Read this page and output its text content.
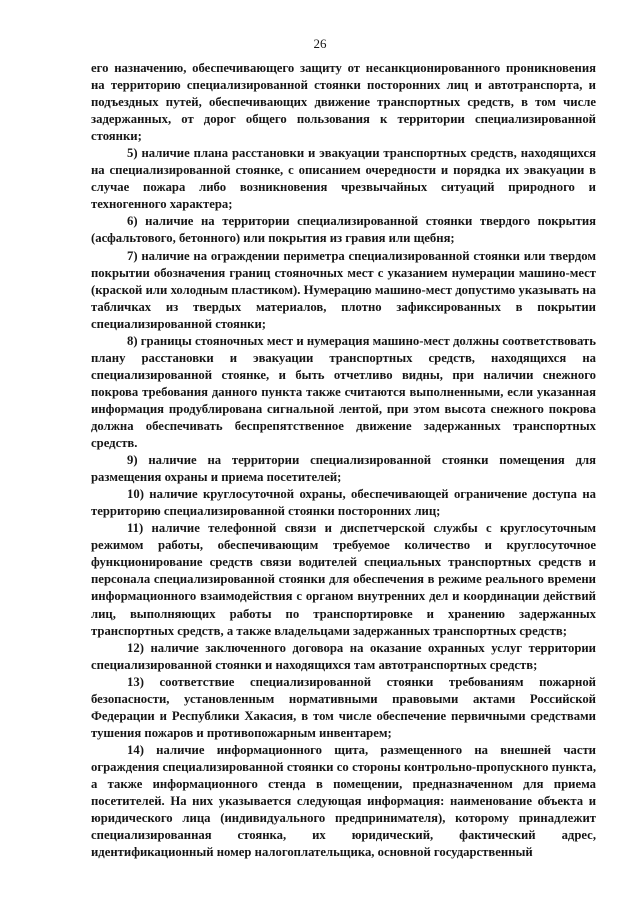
26

его назначению, обеспечивающего защиту от несанкционированного проникновения на территорию специализированной стоянки посторонних лиц и автотранспорта, и подъездных путей, обеспечивающих движение транспортных средств, в том числе задержанных, от дорог общего пользования к территории специализированной стоянки;

5) наличие плана расстановки и эвакуации транспортных средств, находящихся на специализированной стоянке, с описанием очередности и порядка их эвакуации в случае пожара либо возникновения чрезвычайных ситуаций природного и техногенного характера;

6) наличие на территории специализированной стоянки твердого покрытия (асфальтового, бетонного) или покрытия из гравия или щебня;

7) наличие на ограждении периметра специализированной стоянки или твердом покрытии обозначения границ стояночных мест с указанием нумерации машино-мест (краской или холодным пластиком). Нумерацию машино-мест допустимо указывать на табличках из твердых материалов, плотно зафиксированных в покрытии специализированной стоянки;

8) границы стояночных мест и нумерация машино-мест должны соответствовать плану расстановки и эвакуации транспортных средств, находящихся на специализированной стоянке, и быть отчетливо видны, при наличии снежного покрова требования данного пункта также считаются выполненными, если указанная информация продублирована сигнальной лентой, при этом высота снежного покрова должна обеспечивать беспрепятственное движение задержанных транспортных средств.

9) наличие на территории специализированной стоянки помещения для размещения охраны и приема посетителей;

10) наличие круглосуточной охраны, обеспечивающей ограничение доступа на территорию специализированной стоянки посторонних лиц;

11) наличие телефонной связи и диспетчерской службы с круглосуточным режимом работы, обеспечивающим требуемое количество и круглосуточное функционирование средств связи водителей специальных транспортных средств и персонала специализированной стоянки для обеспечения в режиме реального времени информационного взаимодействия с органом внутренних дел и координации действий лиц, выполняющих работы по транспортировке и хранению задержанных транспортных средств, а также владельцами задержанных транспортных средств;

12) наличие заключенного договора на оказание охранных услуг территории специализированной стоянки и находящихся там автотранспортных средств;

13) соответствие специализированной стоянки требованиям пожарной безопасности, установленным нормативными правовыми актами Российской Федерации и Республики Хакасия, в том числе обеспечение первичными средствами тушения пожаров и противопожарным инвентарем;

14) наличие информационного щита, размещенного на внешней части ограждения специализированной стоянки со стороны контрольно-пропускного пункта, а также информационного стенда в помещении, предназначенном для приема посетителей. На них указывается следующая информация: наименование объекта и юридического лица (индивидуального предпринимателя), которому принадлежит специализированная стоянка, их юридический, фактический адрес, идентификационный номер налогоплательщика, основной государственный
